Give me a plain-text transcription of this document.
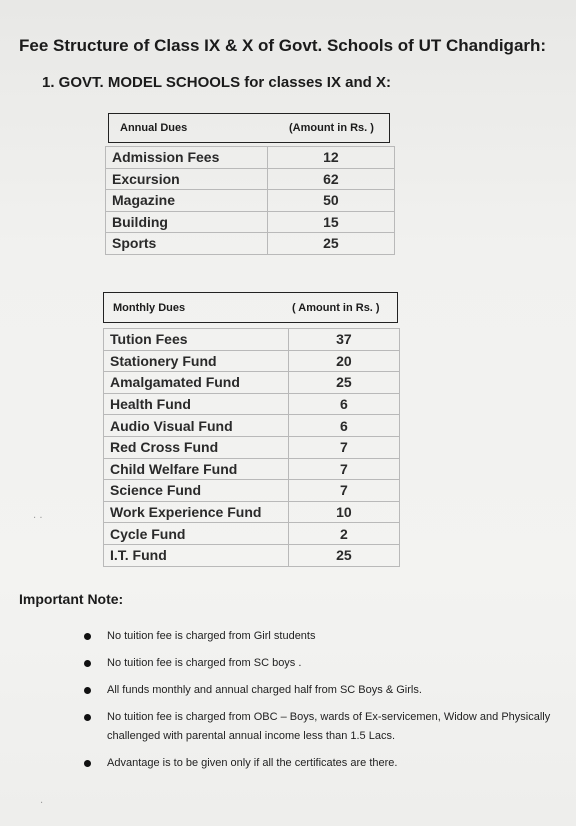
Fee Structure of Class IX & X of Govt. Schools of UT Chandigarh:
1. GOVT. MODEL SCHOOLS for classes IX and X:
Annual Dues	(Amount in Rs. )
Admission Fees	12
Excursion	62
Magazine	50
Building	15
Sports	25
Monthly Dues	( Amount in Rs. )
Tution Fees	37
Stationery Fund	20
Amalgamated Fund	25
Health Fund	6
Audio Visual Fund	6
Red Cross Fund	7
Child Welfare Fund	7
Science Fund	7
Work Experience Fund	10
Cycle Fund	2
I.T. Fund	25
Important Note:
No tuition fee is charged from Girl students
No tuition fee is charged from SC boys .
All funds monthly and annual charged half from SC Boys & Girls.
No tuition fee is charged from OBC – Boys, wards of Ex-servicemen, Widow and Physically challenged with parental annual income less than 1.5 Lacs.
Advantage is to be given only if all the certificates are there.
. .
.
